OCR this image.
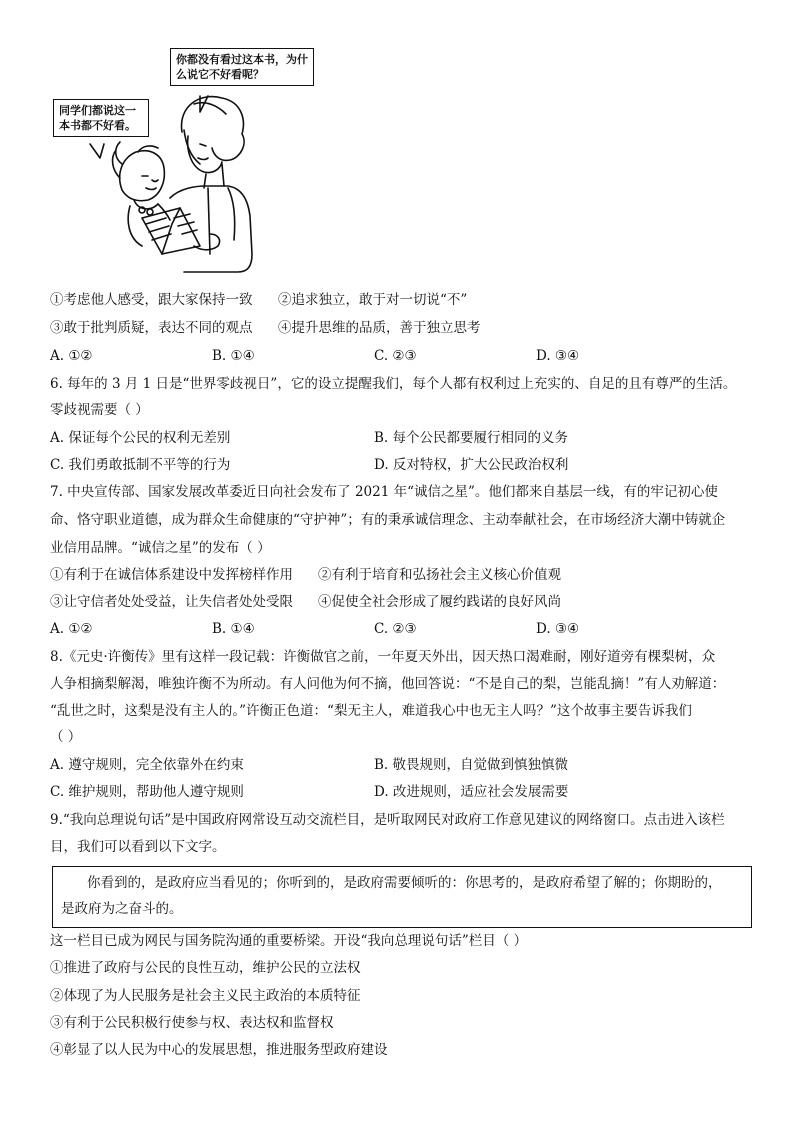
你都没有看过这本书，为什么说它不好看呢？
同学们都说这一本书都不好看。
①考虑他人感受，跟大家保持一致 ②追求独立，敢于对一切说“不”
③敢于批判质疑，表达不同的观点 ④提升思维的品质，善于独立思考
A. ①②	B. ①④	C. ②③	D. ③④
6. 每年的 3 月 1 日是“世界零歧视日”，它的设立提醒我们，每个人都有权利过上充实的、自足的且有尊严的生活。
零歧视需要（ ）
A. 保证每个公民的权利无差别	B. 每个公民都要履行相同的义务
C. 我们勇敢抵制不平等的行为	D. 反对特权，扩大公民政治权利
7. 中央宣传部、国家发展改革委近日向社会发布了 2021 年“诚信之星”。他们都来自基层一线，有的牢记初心使
命、恪守职业道德，成为群众生命健康的“守护神”；有的秉承诚信理念、主动奉献社会，在市场经济大潮中铸就企
业信用品牌。“诚信之星”的发布（ ）
①有利于在诚信体系建设中发挥榜样作用 ②有利于培育和弘扬社会主义核心价值观
③让守信者处处受益，让失信者处处受限 ④促使全社会形成了履约践诺的良好风尚
A. ①②	B. ①④	C. ②③	D. ③④
8.《元史·许衡传》里有这样一段记载：许衡做官之前，一年夏天外出，因天热口渴难耐，刚好道旁有棵梨树，众
人争相摘梨解渴，唯独许衡不为所动。有人问他为何不摘，他回答说：“不是自己的梨，岂能乱摘！”有人劝解道：
“乱世之时，这梨是没有主人的。”许衡正色道：“梨无主人，难道我心中也无主人吗？”这个故事主要告诉我们
（ ）
A. 遵守规则，完全依靠外在约束	B. 敬畏规则，自觉做到慎独慎微
C. 维护规则，帮助他人遵守规则	D. 改进规则，适应社会发展需要
9.“我向总理说句话”是中国政府网常设互动交流栏目，是听取网民对政府工作意见建议的网络窗口。点击进入该栏
目，我们可以看到以下文字。
你看到的，是政府应当看见的；你听到的，是政府需要倾听的：你思考的，是政府希望了解的；你期盼的，
是政府为之奋斗的。
这一栏目已成为网民与国务院沟通的重要桥梁。开设“我向总理说句话”栏目（ ）
①推进了政府与公民的良性互动，维护公民的立法权
②体现了为人民服务是社会主义民主政治的本质特征
③有利于公民积极行使参与权、表达权和监督权
④彰显了以人民为中心的发展思想，推进服务型政府建设
